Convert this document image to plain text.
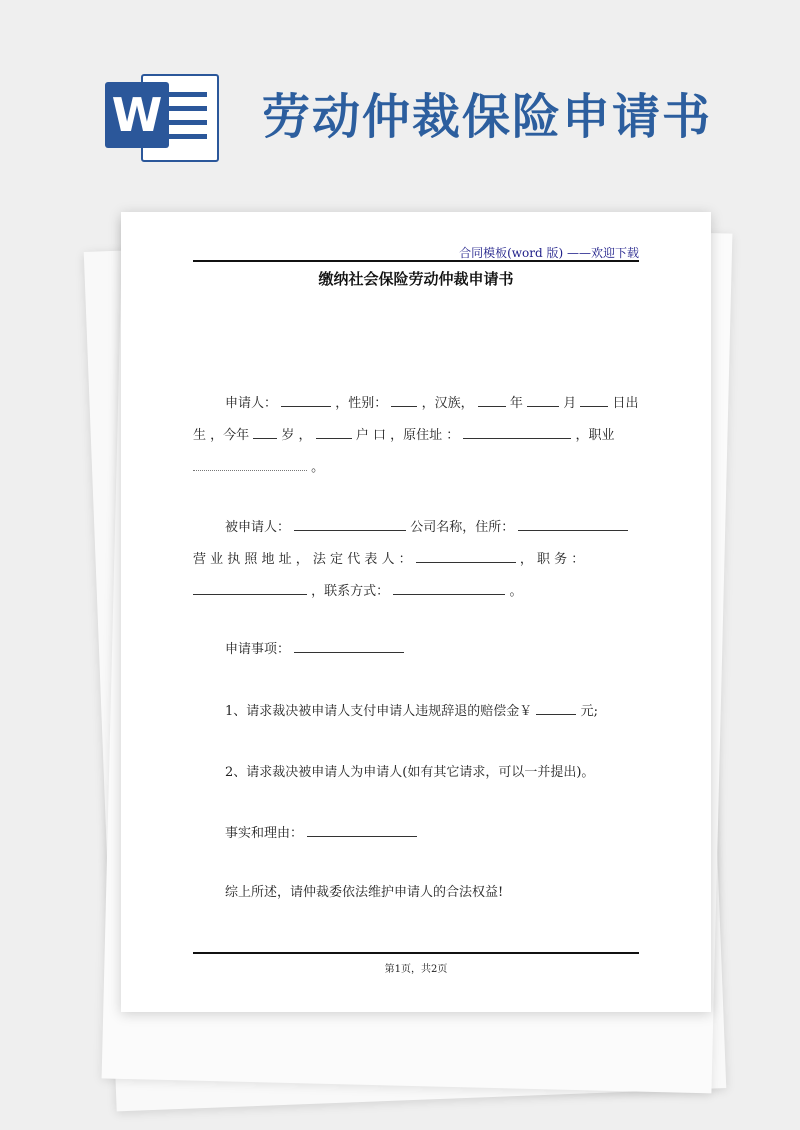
W 劳动仲裁保险申请书
合同模板(word 版) ——欢迎下载
缴纳社会保险劳动仲裁申请书
申请人：	，性别：	，汉族，	年	月	日出
生 ，今年 岁 ，	户 口 ，原住址 ：	，职业
。
被申请人：	公司名称，住所：
营 业 执 照 地 址 ， 法 定 代 表 人 ：	， 职 务 ：
，联系方式：	。
申请事项：
1、请求裁决被申请人支付申请人违规辞退的赔偿金￥	元;
2、请求裁决被申请人为申请人(如有其它请求，可以一并提出)。
事实和理由：
综上所述，请仲裁委依法维护申请人的合法权益!
第1页，共2页
